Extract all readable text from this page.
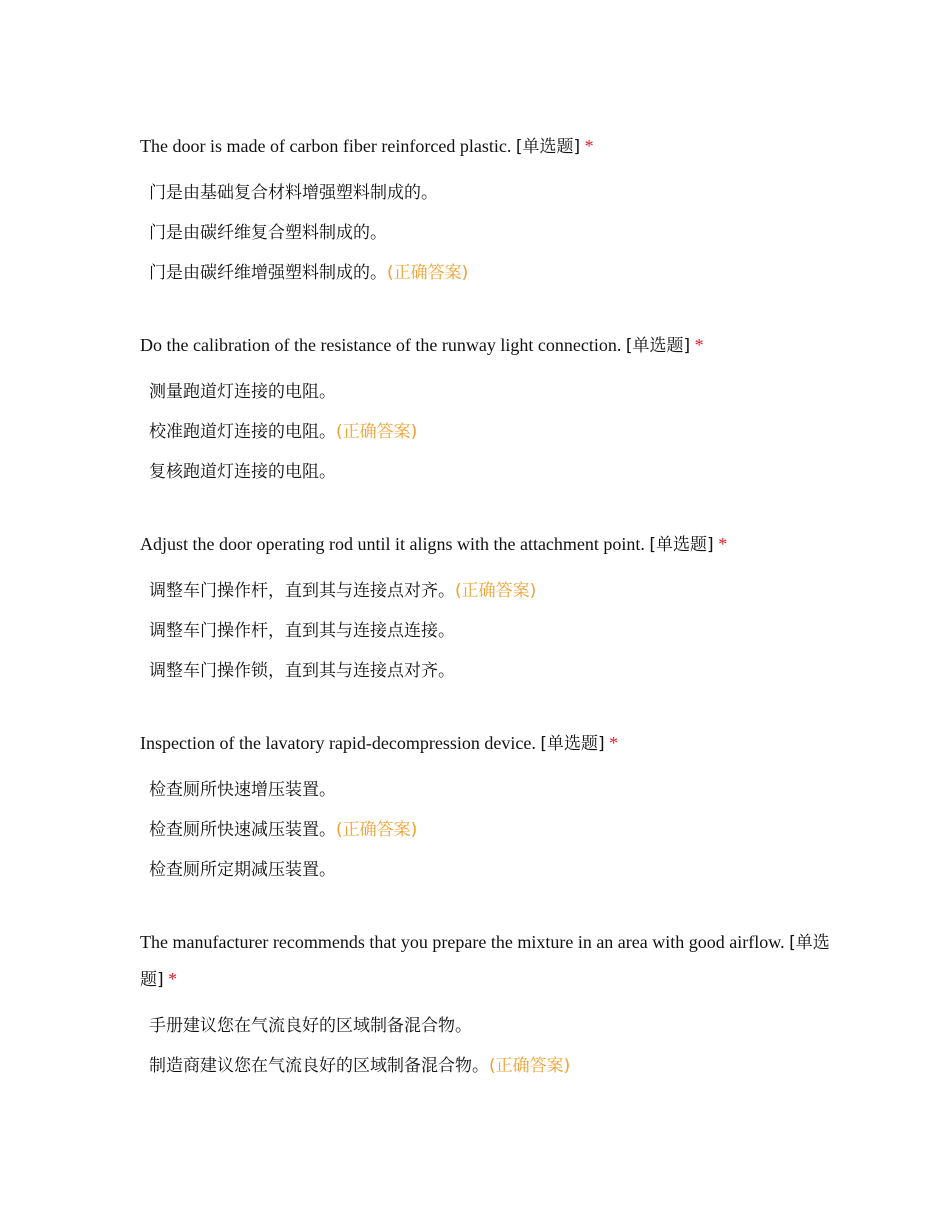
The door is made of carbon fiber reinforced plastic. [单选题] *
门是由基础复合材料增强塑料制成的。
门是由碳纤维复合塑料制成的。
门是由碳纤维增强塑料制成的。(正确答案)
Do the calibration of the resistance of the runway light connection. [单选题] *
测量跑道灯连接的电阻。
校准跑道灯连接的电阻。(正确答案)
复核跑道灯连接的电阻。
Adjust the door operating rod until it aligns with the attachment point. [单选题] *
调整车门操作杆，直到其与连接点对齐。(正确答案)
调整车门操作杆，直到其与连接点连接。
调整车门操作锁，直到其与连接点对齐。
Inspection of the lavatory rapid-decompression device. [单选题] *
检查厕所快速增压装置。
检查厕所快速减压装置。(正确答案)
检查厕所定期减压装置。
The manufacturer recommends that you prepare the mixture in an area with good airflow. [单选题] *
手册建议您在气流良好的区域制备混合物。
制造商建议您在气流良好的区域制备混合物。(正确答案)
